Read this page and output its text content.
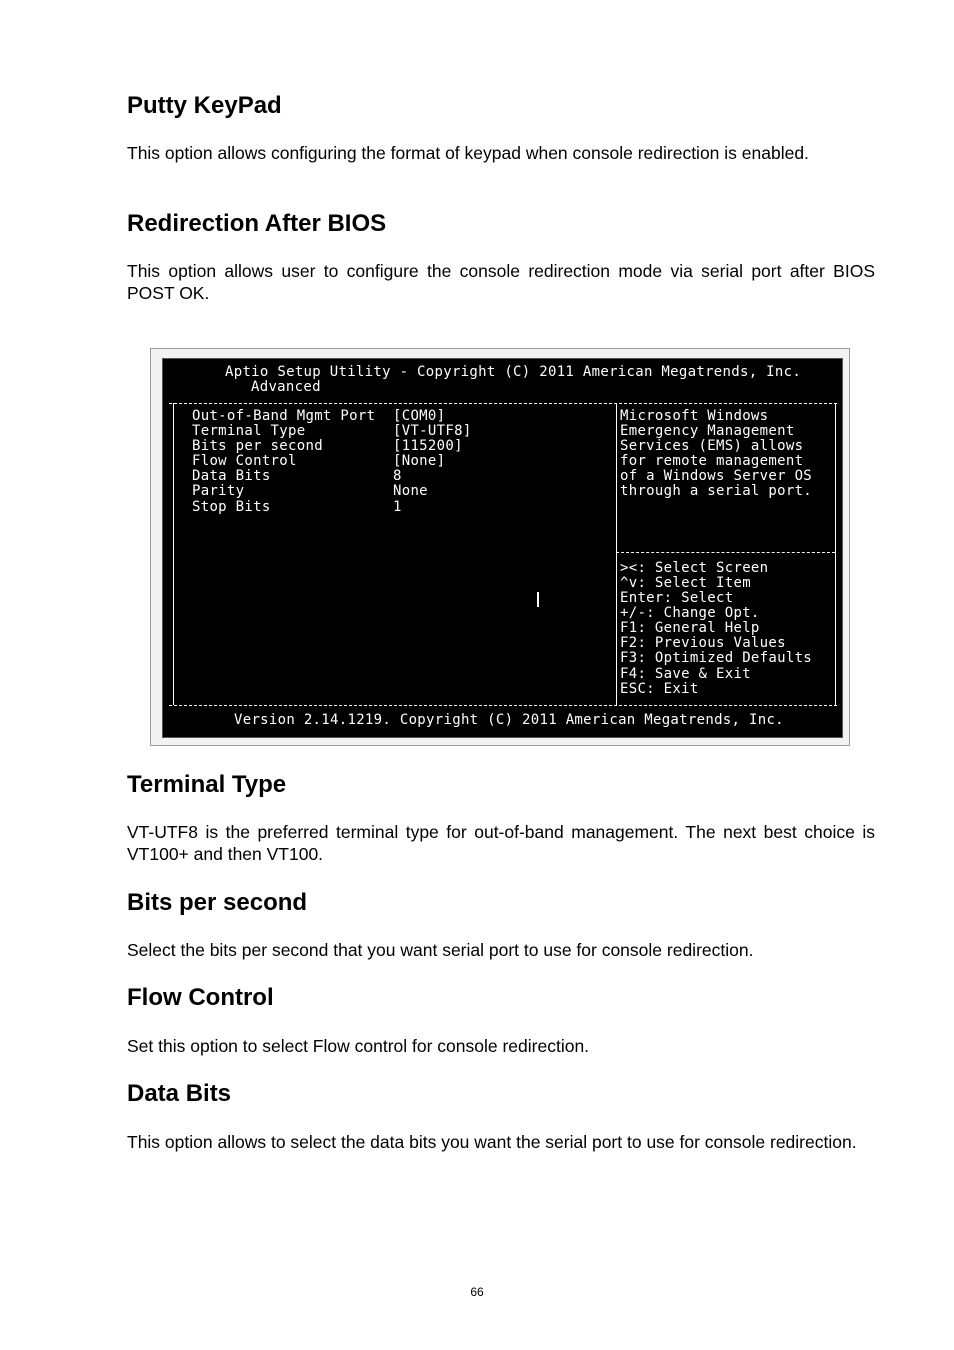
Putty KeyPad

This option allows configuring the format of keypad when console redirection is enabled.

Redirection After BIOS

This option allows user to configure the console redirection mode via serial port after BIOS POST OK.

Aptio Setup Utility - Copyright (C) 2011 American Megatrends, Inc.
Advanced
Out-of-Band Mgmt Port [COM0]
Terminal Type	[VT-UTF8]
Bits per second	[115200]
Flow Control	[None]
Data Bits	8
Parity	None
Stop Bits	1
Microsoft Windows
Emergency Management
Services (EMS) allows
for remote management
of a Windows Server OS
through a serial port.
><: Select Screen
^v: Select Item
Enter: Select
+/-: Change Opt.
F1: General Help
F2: Previous Values
F3: Optimized Defaults
F4: Save & Exit
ESC: Exit
Version 2.14.1219. Copyright (C) 2011 American Megatrends, Inc.
Terminal Type

VT-UTF8 is the preferred terminal type for out-of-band management. The next best choice is VT100+ and then VT100.

Bits per second

Select the bits per second that you want serial port to use for console redirection.

Flow Control

Set this option to select Flow control for console redirection.

Data Bits

This option allows to select the data bits you want the serial port to use for console redirection.

66
